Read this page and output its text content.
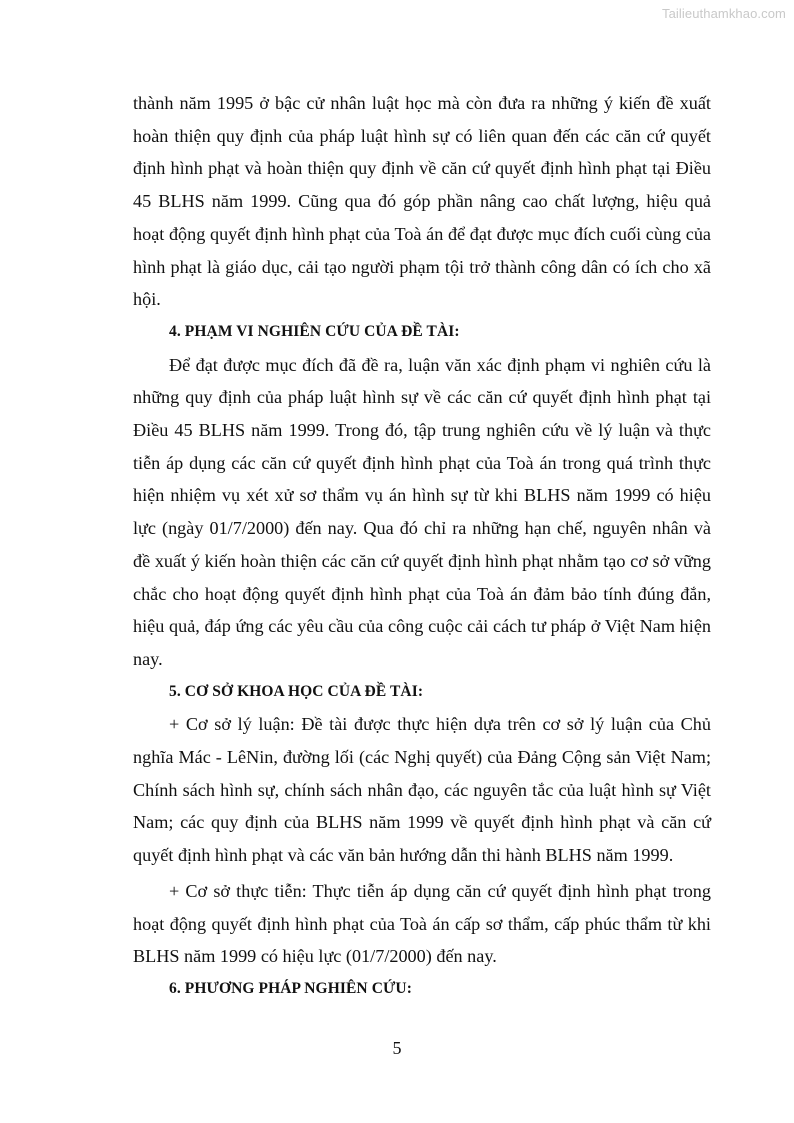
Tailieuthamkhao.com

thành năm 1995 ở bậc cử nhân luật học mà còn đưa ra những ý kiến đề xuất hoàn thiện quy định của pháp luật hình sự có liên quan đến các căn cứ quyết định hình phạt và hoàn thiện quy định về căn cứ quyết định hình phạt tại Điều 45 BLHS năm 1999. Cũng qua đó góp phần nâng cao chất lượng, hiệu quả hoạt động quyết định hình phạt của Toà án để đạt được mục đích cuối cùng của hình phạt là giáo dục, cải tạo người phạm tội trở thành công dân có ích cho xã hội.

4. PHẠM VI NGHIÊN CỨU CỦA ĐỀ TÀI:

Để đạt được mục đích đã đề ra, luận văn xác định phạm vi nghiên cứu là những quy định của pháp luật hình sự về các căn cứ quyết định hình phạt tại Điều 45 BLHS năm 1999. Trong đó, tập trung nghiên cứu về lý luận và thực tiễn áp dụng các căn cứ quyết định hình phạt của Toà án trong quá trình thực hiện nhiệm vụ xét xử sơ thẩm vụ án hình sự từ khi BLHS năm 1999 có hiệu lực (ngày 01/7/2000) đến nay. Qua đó chỉ ra những hạn chế, nguyên nhân và đề xuất ý kiến hoàn thiện các căn cứ quyết định hình phạt nhằm tạo cơ sở vững chắc cho hoạt động quyết định hình phạt của Toà án đảm bảo tính đúng đắn, hiệu quả, đáp ứng các yêu cầu của công cuộc cải cách tư pháp ở Việt Nam hiện nay.

5. CƠ SỞ KHOA HỌC CỦA ĐỀ TÀI:

+ Cơ sở lý luận: Đề tài được thực hiện dựa trên cơ sở lý luận của Chủ nghĩa Mác - LêNin, đường lối (các Nghị quyết) của Đảng Cộng sản Việt Nam; Chính sách hình sự, chính sách nhân đạo, các nguyên tắc của luật hình sự Việt Nam; các quy định của BLHS năm 1999 về quyết định hình phạt và căn cứ quyết định hình phạt và các văn bản hướng dẫn thi hành BLHS năm 1999.

+ Cơ sở thực tiễn: Thực tiễn áp dụng căn cứ quyết định hình phạt trong hoạt động quyết định hình phạt của Toà án cấp sơ thẩm, cấp phúc thẩm từ khi BLHS năm 1999 có hiệu lực (01/7/2000) đến nay.

6. PHƯƠNG PHÁP NGHIÊN CỨU:
5
